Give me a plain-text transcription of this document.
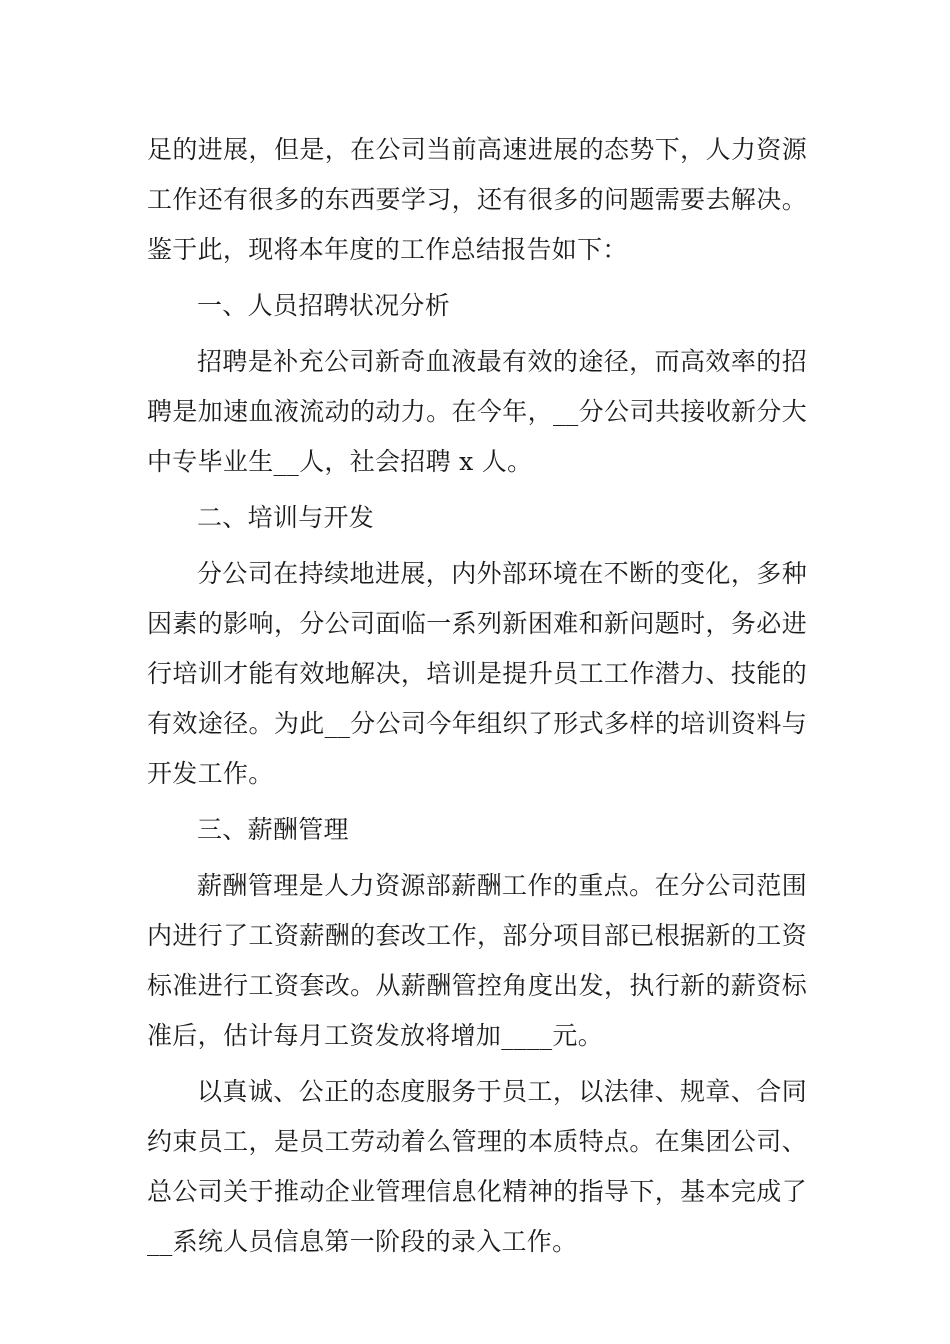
足的进展，但是，在公司当前高速进展的态势下，人力资源工作还有很多的东西要学习，还有很多的问题需要去解决。鉴于此，现将本年度的工作总结报告如下：

一、人员招聘状况分析

招聘是补充公司新奇血液最有效的途径，而高效率的招聘是加速血液流动的动力。在今年，__分公司共接收新分大中专毕业生__人，社会招聘 x 人。

二、培训与开发

分公司在持续地进展，内外部环境在不断的变化，多种因素的影响，分公司面临一系列新困难和新问题时，务必进行培训才能有效地解决，培训是提升员工工作潜力、技能的有效途径。为此__分公司今年组织了形式多样的培训资料与开发工作。

三、薪酬管理

薪酬管理是人力资源部薪酬工作的重点。在分公司范围内进行了工资薪酬的套改工作，部分项目部已根据新的工资标准进行工资套改。从薪酬管控角度出发，执行新的薪资标准后，估计每月工资发放将增加____元。

以真诚、公正的态度服务于员工，以法律、规章、合同约束员工，是员工劳动着么管理的本质特点。在集团公司、总公司关于推动企业管理信息化精神的指导下，基本完成了__系统人员信息第一阶段的录入工作。
